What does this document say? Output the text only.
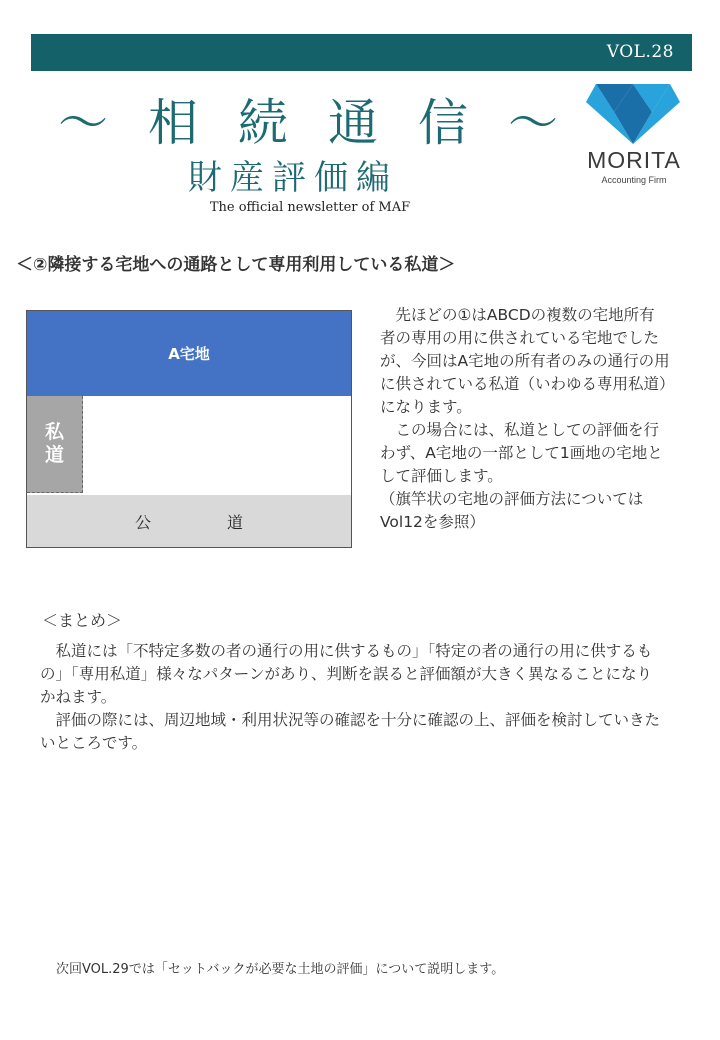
VOL.28
～ 相 続 通 信 ～
財産評価編
The official newsletter of MAF
MORITA
Accounting Firm
＜②隣接する宅地への通路として専用利用している私道＞
A宅地
私
道
公	道

　先ほどの①はABCDの複数の宅地所有者の専用の用に供されている宅地でしたが、今回はA宅地の所有者のみの通行の用に供されている私道（いわゆる専用私道）になります。

　この場合には、私道としての評価を行わず、A宅地の一部として1画地の宅地として評価します。

（旗竿状の宅地の評価方法についてはVol12を参照）

＜まとめ＞

　私道には「不特定多数の者の通行の用に供するもの」「特定の者の通行の用に供するもの」「専用私道」様々なパターンがあり、判断を誤ると評価額が大きく異なることになりかねます。

　評価の際には、周辺地域・利用状況等の確認を十分に確認の上、評価を検討していきたいところです。

次回VOL.29では「セットバックが必要な土地の評価」について説明します。
